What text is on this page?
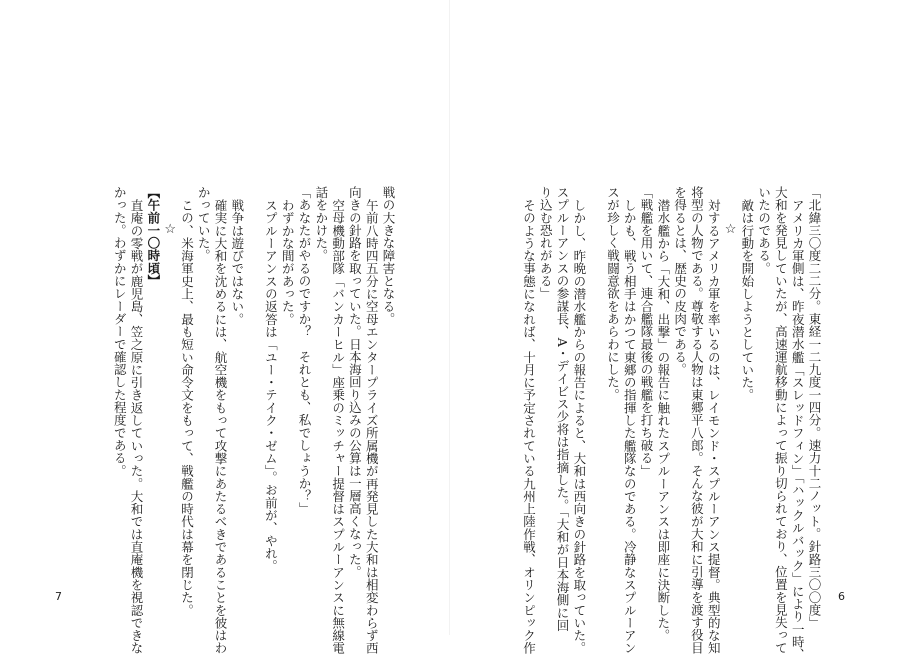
戦の大きな障害となる。
午前八時四五分に空母エンタープライズ所属機が再発見した大和は相変わらず西
向きの針路を取っていた。日本海回り込みの公算は一層高くなった。
空母機動部隊「バンカーヒル」座乗のミッチャー提督はスプルーアンスに無線電
話をかけた。
「あなたがやるのですか？　それとも、私でしょうか？」
わずかな間があった。
スプルーアンスの返答は「ユー・テイク・ゼム」。お前が、やれ。
戦争は遊びではない。
確実に大和を沈めるには、航空機をもって攻撃にあたるべきであることを彼はわ
かっていた。
この、米海軍史上、最も短い命令文をもって、戦艦の時代は幕を閉じた。
☆
【午前一〇時頃】
直庵の零戦が鹿児島、笠之原に引き返していった。大和では直庵機を視認できな
かった。わずかにレーダーで確認した程度である。
7	「北緯三〇度二二分。東経一二九度一四分。速力十二ノット。針路三〇〇度」
アメリカ軍側は、昨夜潜水艦「スレッドフィン」「ハックルバック」により一時、
大和を発見していたが、高速運航移動によって振り切られており、位置を見失って
いたのである。
敵は行動を開始しようとしていた。
☆
対するアメリカ軍を率いるのは、レイモンド・スプルーアンス提督。典型的な知
将型の人物である。尊敬する人物は東郷平八郎。そんな彼が大和に引導を渡す役目
を得るとは、歴史の皮肉である。
潜水艦から「大和、出撃」の報告に触れたスプルーアンスは即座に決断した。
「戦艦を用いて、連合艦隊最後の戦艦を打ち破る」
しかも、戦う相手はかつて東郷の指揮した艦隊なのである。冷静なスプルーアン
スが珍しく戦闘意欲をあらわにした。
しかし、昨晩の潜水艦からの報告によると、大和は西向きの針路を取っていた。
スプルーアンスの参謀長、A・デイビス少将は指摘した。「大和が日本海側に回
り込む恐れがある」
そのような事態になれば、十月に予定されている九州上陸作戦、オリンピック作	6
